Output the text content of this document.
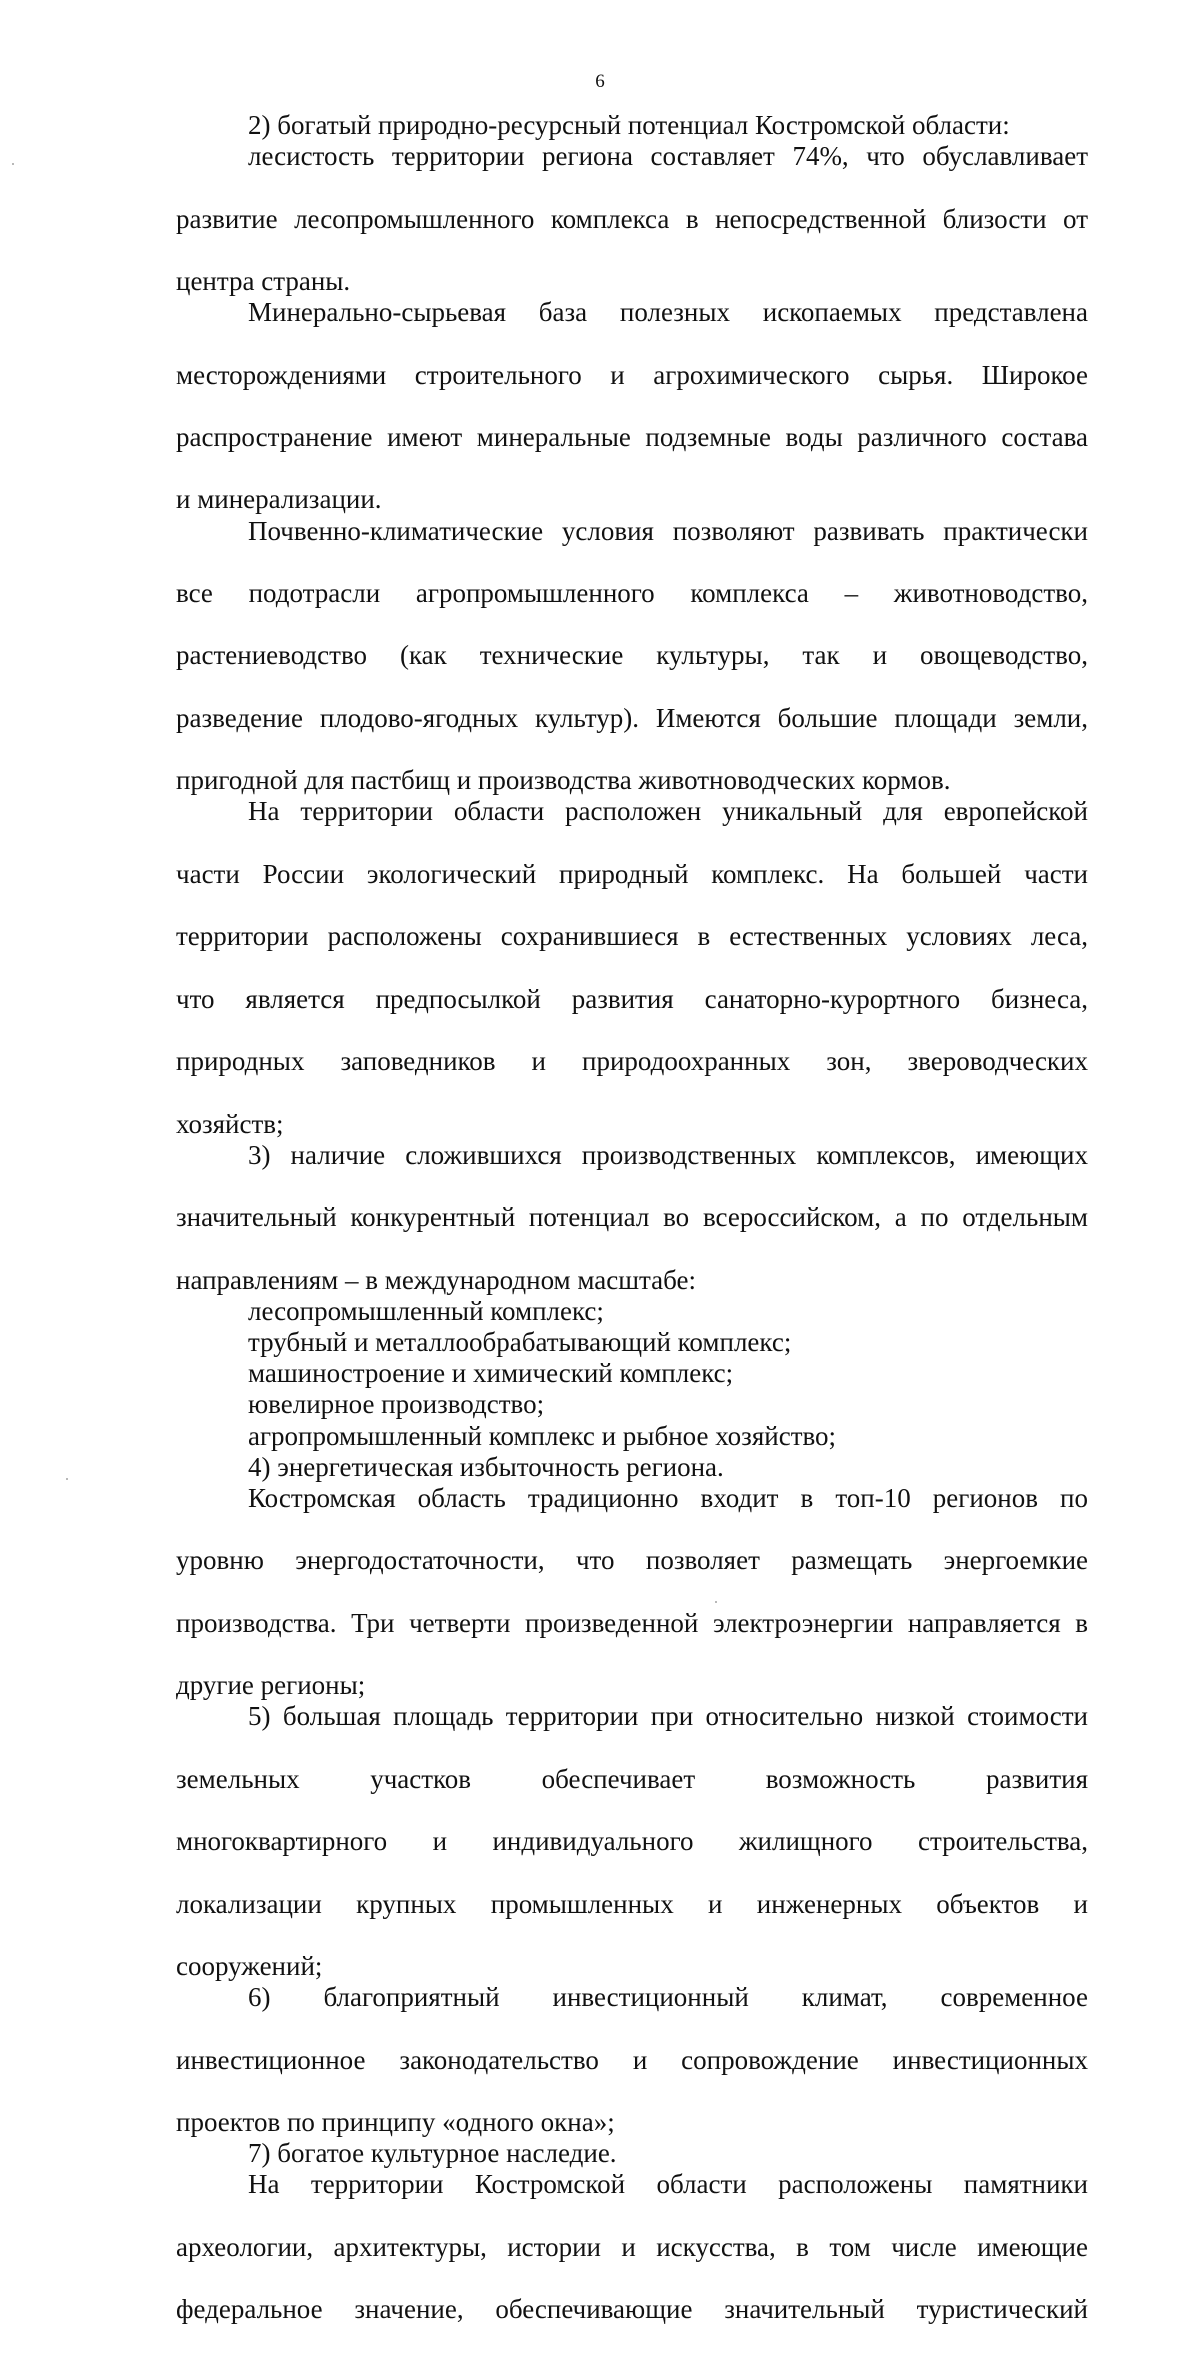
6

2) богатый природно-ресурсный потенциал Костромской области:

лесистость территории региона составляет 74%, что обуславливает развитие лесопромышленного комплекса в непосредственной близости от центра страны.

Минерально-сырьевая база полезных ископаемых представлена месторождениями строительного и агрохимического сырья. Широкое распространение имеют минеральные подземные воды различного состава и минерализации.

Почвенно-климатические условия позволяют развивать практически все подотрасли агропромышленного комплекса – животноводство, растениеводство (как технические культуры, так и овощеводство, разведение плодово-ягодных культур). Имеются большие площади земли, пригодной для пастбищ и производства животноводческих кормов.

На территории области расположен уникальный для европейской части России экологический природный комплекс. На большей части территории расположены сохранившиеся в естественных условиях леса, что является предпосылкой развития санаторно-курортного бизнеса, природных заповедников и природоохранных зон, звероводческих хозяйств;

3) наличие сложившихся производственных комплексов, имеющих значительный конкурентный потенциал во всероссийском, а по отдельным направлениям – в международном масштабе:

лесопромышленный комплекс;

трубный и металлообрабатывающий комплекс;

машиностроение и химический комплекс;

ювелирное производство;

агропромышленный комплекс и рыбное хозяйство;

4) энергетическая избыточность региона.

Костромская область традиционно входит в топ-10 регионов по уровню энергодостаточности, что позволяет размещать энергоемкие производства. Три четверти произведенной электроэнергии направляется в другие регионы;

5) большая площадь территории при относительно низкой стоимости земельных участков обеспечивает возможность развития многоквартирного и индивидуального жилищного строительства, локализации крупных промышленных и инженерных объектов и сооружений;

6) благоприятный инвестиционный климат, современное инвестиционное законодательство и сопровождение инвестиционных проектов по принципу «одного окна»;

7) богатое культурное наследие.

На территории Костромской области расположены памятники археологии, архитектуры, истории и искусства, в том числе имеющие федеральное значение, обеспечивающие значительный туристический
